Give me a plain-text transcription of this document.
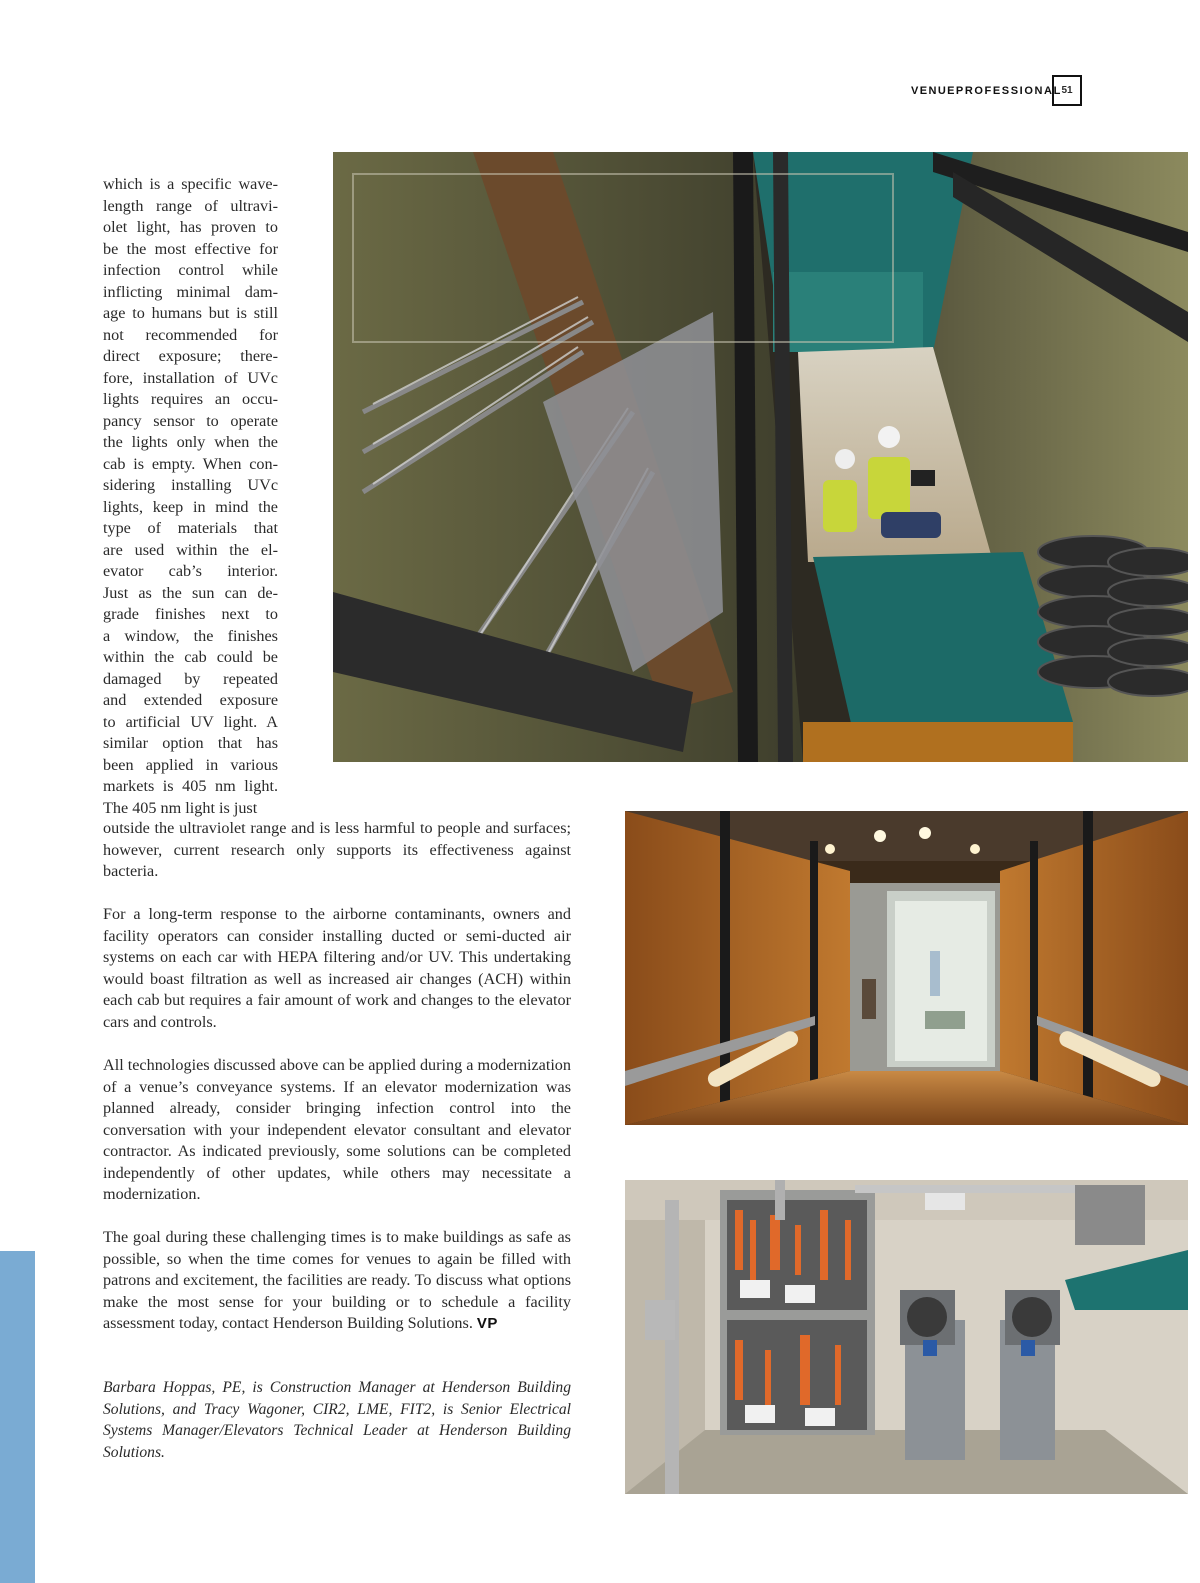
VENUEPROFESSIONAL 51
which is a specific wave-
length range of ultravi-
olet light, has proven to
be the most effective for
infection control while
inflicting minimal dam-
age to humans but is still
not recommended for
direct exposure; there-
fore, installation of UVc
lights requires an occu-
pancy sensor to operate
the lights only when the
cab is empty. When con-
sidering installing UVc
lights, keep in mind the
type of materials that
are used within the el-
evator cab’s interior.
Just as the sun can de-
grade finishes next to
a window, the finishes
within the cab could be
damaged by repeated
and extended exposure
to artificial UV light. A
similar option that has
been applied in various
markets is 405 nm light.
The 405 nm light is just
outside the ultraviolet range and is less harmful to people and surfaces; however, current research only supports its effectiveness against bacteria.
For a long-term response to the airborne contaminants, owners and facility operators can consider installing ducted or semi-ducted air systems on each car with HEPA filtering and/or UV. This undertaking would boast filtration as well as increased air changes (ACH) within each cab but requires a fair amount of work and changes to the elevator cars and controls.
All technologies discussed above can be applied during a modernization of a venue’s conveyance systems. If an elevator modernization was planned already, consider bringing infection control into the conversation with your independent elevator consultant and elevator contractor. As indicated previously, some solutions can be completed independently of other updates, while others may necessitate a modernization.
The goal during these challenging times is to make buildings as safe as possible, so when the time comes for venues to again be filled with patrons and excitement, the facilities are ready. To discuss what options make the most sense for your building or to schedule a facility assessment today, contact Henderson Building Solutions. VP
Barbara Hoppas, PE, is Construction Manager at Henderson Building Solutions, and Tracy Wagoner, CIR2, LME, FIT2, is Senior Electrical Systems Manager/Elevators Technical Leader at Henderson Building Solutions.
